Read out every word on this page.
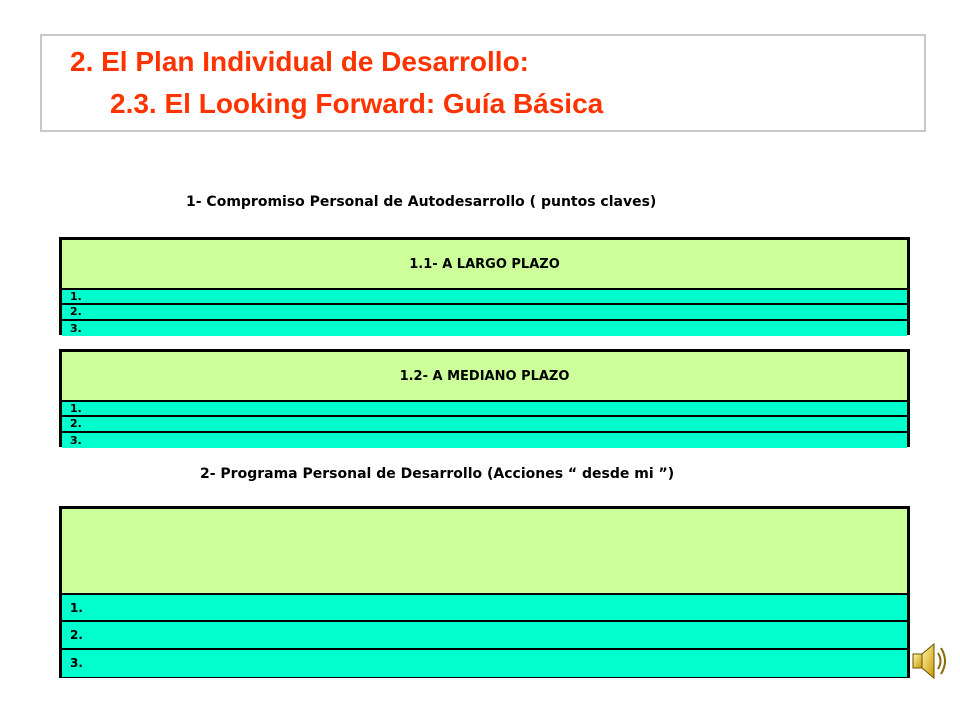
2. El Plan Individual de Desarrollo:
2.3. El Looking Forward: Guía Básica
1- Compromiso Personal de Autodesarrollo ( puntos claves)
1.1- A LARGO PLAZO
1.
2.
3.
1.2- A MEDIANO PLAZO
1.
2.
3.
2- Programa Personal de Desarrollo (Acciones “ desde mi ”)
1.
2.
3.
